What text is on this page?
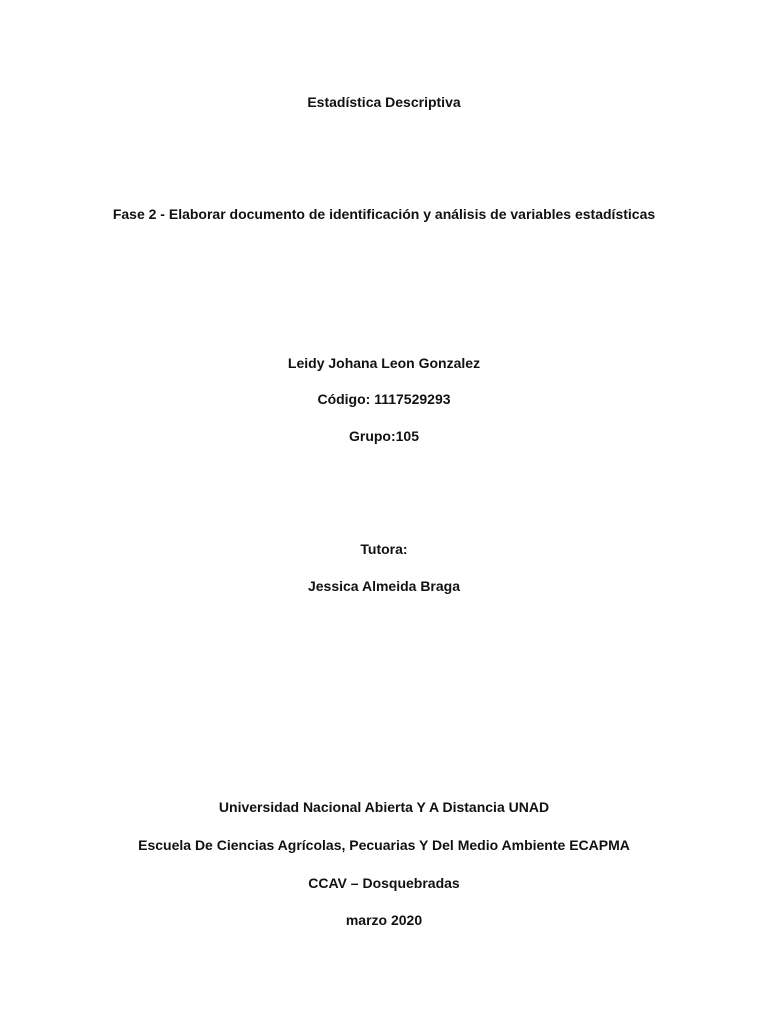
Estadística Descriptiva
Fase 2 - Elaborar documento de identificación y análisis de variables estadísticas
Leidy Johana Leon Gonzalez
Código: 1117529293
Grupo:105
Tutora:
Jessica Almeida Braga
Universidad Nacional Abierta Y A Distancia UNAD
Escuela De Ciencias Agrícolas, Pecuarias Y Del Medio Ambiente ECAPMA
CCAV – Dosquebradas
marzo 2020
